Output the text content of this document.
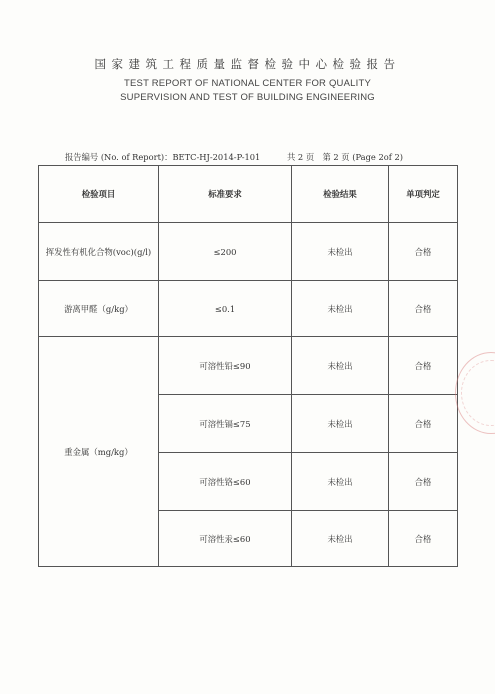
国家建筑工程质量监督检验中心检验报告
TEST REPORT OF NATIONAL CENTER FOR QUALITY
SUPERVISION AND TEST OF BUILDING ENGINEERING
报告编号 (No. of Report)：BETC-HJ-2014-P-101	共 2 页　第 2 页 (Page 2of 2)
检验项目	标准要求	检验结果	单项判定
挥发性有机化合物(voc)(g/l)	≤200	未检出	合格
游离甲醛（g/kg）	≤0.1	未检出	合格
重金属（mg/kg）	可溶性铅≤90	未检出	合格
	可溶性镉≤75	未检出	合格
	可溶性铬≤60	未检出	合格
	可溶性汞≤60	未检出	合格
